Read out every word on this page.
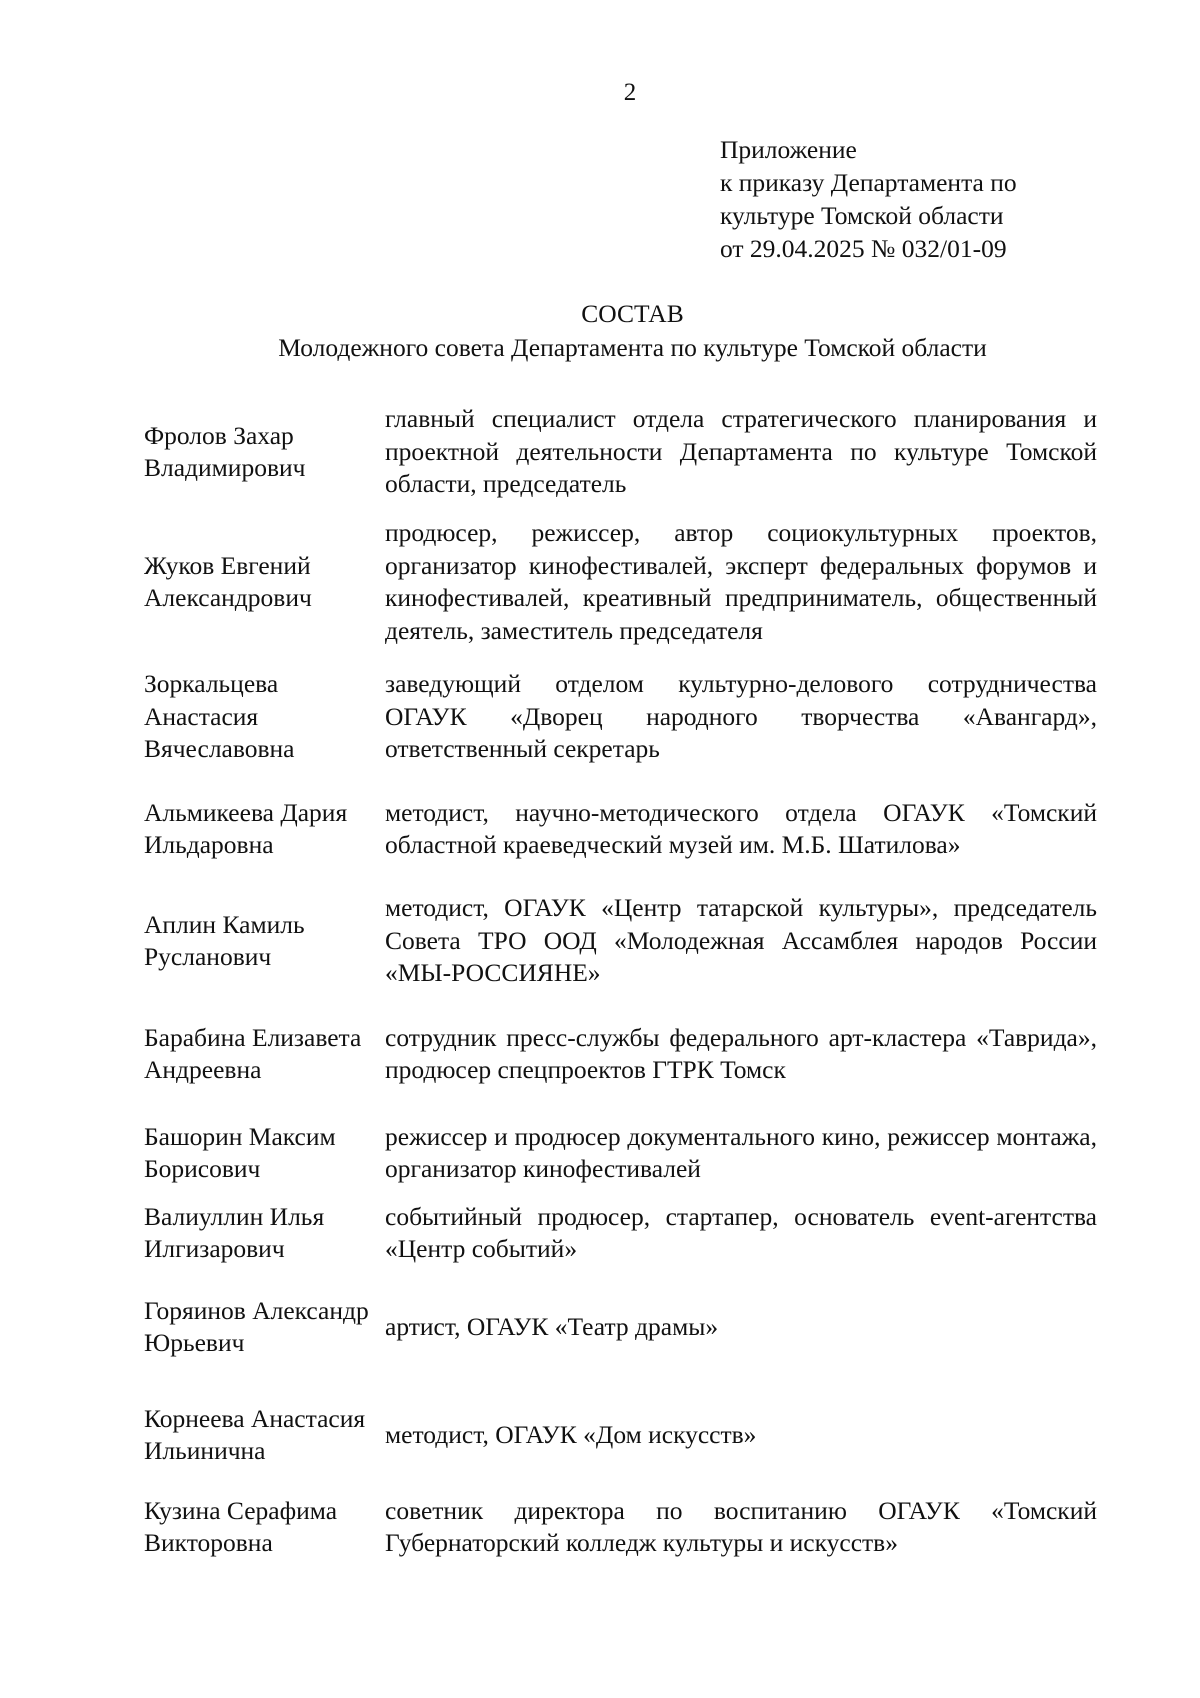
2
Приложение
к приказу Департамента по
культуре Томской области
от 29.04.2025 № 032/01-09
СОСТАВ
Молодежного совета Департамента по культуре Томской области
Фролов Захар Владимирович
главный специалист отдела стратегического планирования и проектной деятельности Департамента по культуре Томской области, председатель
Жуков Евгений Александрович
продюсер, режиссер, автор социокультурных проектов, организатор кинофестивалей, эксперт федеральных форумов и кинофестивалей, креативный предприниматель, общественный деятель, заместитель председателя
Зоркальцева Анастасия Вячеславовна
заведующий отделом культурно-делового сотрудничества ОГАУК «Дворец народного творчества «Авангард», ответственный секретарь
Альмикеева Дария Ильдаровна
методист, научно-методического отдела ОГАУК «Томский областной краеведческий музей им. М.Б. Шатилова»
Аплин Камиль Русланович
методист, ОГАУК «Центр татарской культуры», председатель Совета ТРО ООД «Молодежная Ассамблея народов России «МЫ-РОССИЯНЕ»
Барабина Елизавета Андреевна
сотрудник пресс-службы федерального арт-кластера «Таврида», продюсер спецпроектов ГТРК Томск
Башорин Максим Борисович
режиссер и продюсер документального кино, режиссер монтажа, организатор кинофестивалей
Валиуллин Илья Илгизарович
событийный продюсер, стартапер, основатель event-агентства «Центр событий»
Горяинов Александр Юрьевич
артист, ОГАУК «Театр драмы»
Корнеева Анастасия Ильинична
методист, ОГАУК «Дом искусств»
Кузина Серафима Викторовна
советник директора по воспитанию ОГАУК «Томский Губернаторский колледж культуры и искусств»
